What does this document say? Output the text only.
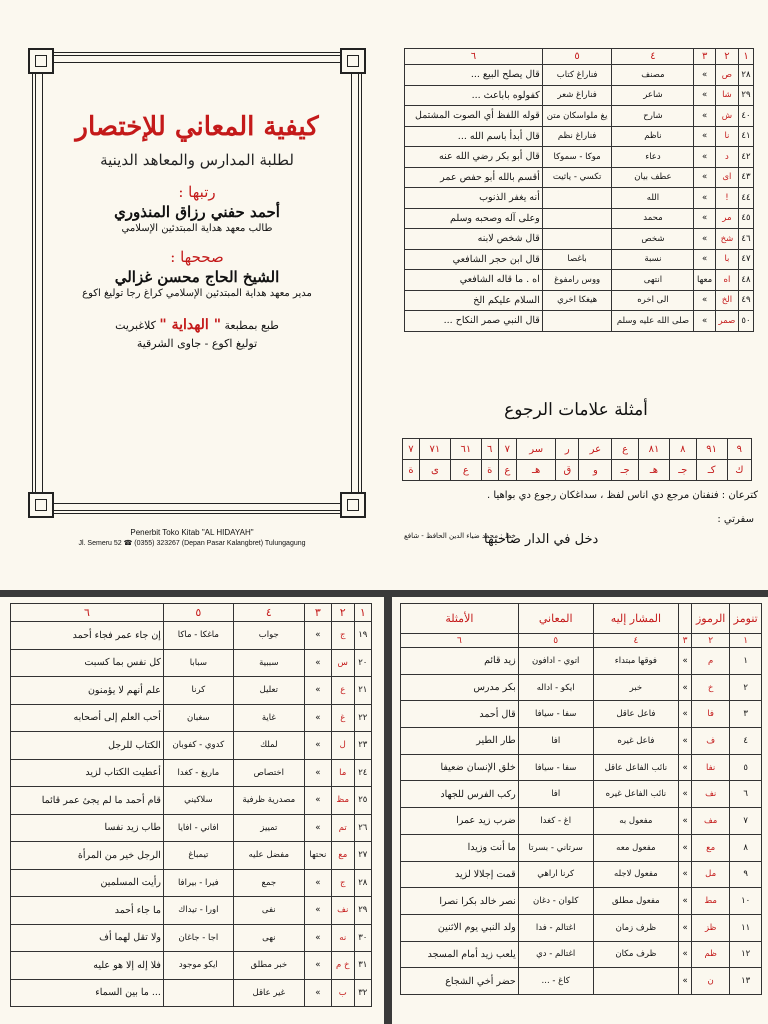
كيفية المعاني للإختصار
لطلبة المدارس والمعاهد الدينية
رتبها :
أحمد حفني رزاق المنذوري
طالب معهد هداية المبتدئين الإسلامي
صححها :
الشيخ الحاج محسن غزالي
مدير معهد هداية المبتدئين الإسلامي كراغ رجا توليغ اكوع
طبع بمطبعة " الهداية " كلاغبريت
توليغ اكوع - جاوى الشرقية
Penerbit Toko Kitab "AL HIDAYAH"
Jl. Semeru 52 ☎ (0355) 323267 (Depan Pasar Kalangbret) Tulungagung
١	٢	٣	٤	٥	٦
٢٨	ص	»	مصنف	فناراغ كتاب	قال يصلح البيع ...
٢٩	شا	»	شاعر	فناراغ شعر	كفولوه باباعث ...
٤٠	ش	»	شارح	يغ ملواسكان متن	قوله اللفظ أي الصوت المشتمل
٤١	نا	»	ناظم	فناراغ نظم	قال أبدأ باسم الله ...
٤٢	د	»	دعاء	موكا - سموكا	قال أبو بكر رضي الله عنه
٤٣	اى	»	عطف بيان	تكسي - ياثيت	أقسم بالله أبو حفص عمر
٤٤	!	»	الله		أنه يغفر الذنوب
٤٥	مر	»	محمد		وعلى آله وصحبه وسلم
٤٦	شخ	»	شخص		قال شخص لابنه
٤٧	با	»	نسبة	باغصا	قال ابن حجر الشافعي
٤٨	اه	معها	انتهى	ووس رامفوغ	اه . ما قاله الشافعي
٤٩	الخ	»	الى اخره	هيغكا اخري	السلام عليكم الخ
٥٠	صمر	»	صلى الله عليه وسلم		قال النبي صمر النكاح ...
أمثلة علامات الرجوع
٩	٩١	٨	٨١	ع	عر	ر	سر	٧	٦	٦١	٧١	٧
ك	كـ	جـ	هـ	جـ	و	ق	هـ	ع	ة	ع	ى	ة
كترعان : فنفنان مرجع دي اناس لفظ ، سداغكان رجوع دي بواهيا .
سفرتي :
دخل في الدار صاحبها
خط : محمد ضياء الدين الحافظ - شافع
١	٢	٣	٤	٥	٦
١٩	ج	»	جواب	ماغكا - ماكا	إن جاء عمر فجاء أحمد
٢٠	س	»	سببية	سبابا	كل نفس بما كسبت
٢١	ع	»	تعليل	كرنا	علم أنهم لا يؤمنون
٢٢	غ	»	غاية	سغبان	أحب العلم إلى أصحابه
٢٣	ل	»	لملك	كدوي - كفوبان	الكتاب للرجل
٢٤	ما	»	اختصاص	ماريغ - كغدا	أعطيت الكتاب لزيد
٢٥	مظ	»	مصدرية ظرفية	سلاكيني	قام أحمد ما لم يجئ عمر قائما
٢٦	تم	»	تمييز	افاني - افايا	طاب زيد نفسا
٢٧	مع	نحتها	مفضل عليه	تيمباغ	الرجل خير من المرأة
٢٨	ج	»	جمع	فيرا - بيرافا	رأيت المسلمين
٢٩	نف	»	نفى	اورا - تيداك	ما جاء أحمد
٣٠	نه	»	نهى	اجا - جاغان	ولا تقل لهما أف
٣١	خ م	»	خبر مطلق	ايكو موجود	فلا إله إلا هو عليه
٣٢	ب	»	غير عاقل		... ما بين السماء
تنومز	الرموز		المشار إليه	المعاني	الأمثلة
١	٢	٣	٤	٥	٦
١	م	»	فوقها مبتداء	اتوي - ادافون	زيد قائم
٢	خ	»	خبر	ايكو - اداله	بكر مدرس
٣	فا	»	فاعل عاقل	سفا - سيافا	قال أحمد
٤	ف	»	فاعل غيره	افا	طار الطير
٥	نفا	»	نائب الفاعل عاقل	سفا - سيافا	خلق الإنسان ضعيفا
٦	نف	»	نائب الفاعل غيره	افا	ركب الفرس للجهاد
٧	مف	»	مفعول به	اغ - كغدا	ضرب زيد عمرا
٨	مع	»	مفعول معه	سرتاني - بسرتا	ما أنت وزيدا
٩	مل	»	مفعول لاجله	كرنا اراهي	قمت إجلالا لزيد
١٠	مط	»	مفعول مطلق	كلوان - دغان	نصر خالد بكرا نصرا
١١	ظز	»	ظرف زمان	اغتالم - فدا	ولد النبي يوم الاثنين
١٢	ظم	»	ظرف مكان	اغتالم - دي	يلعب زيد أمام المسجد
١٣	ن	»		كاغ - ...	حضر أخي الشجاع
